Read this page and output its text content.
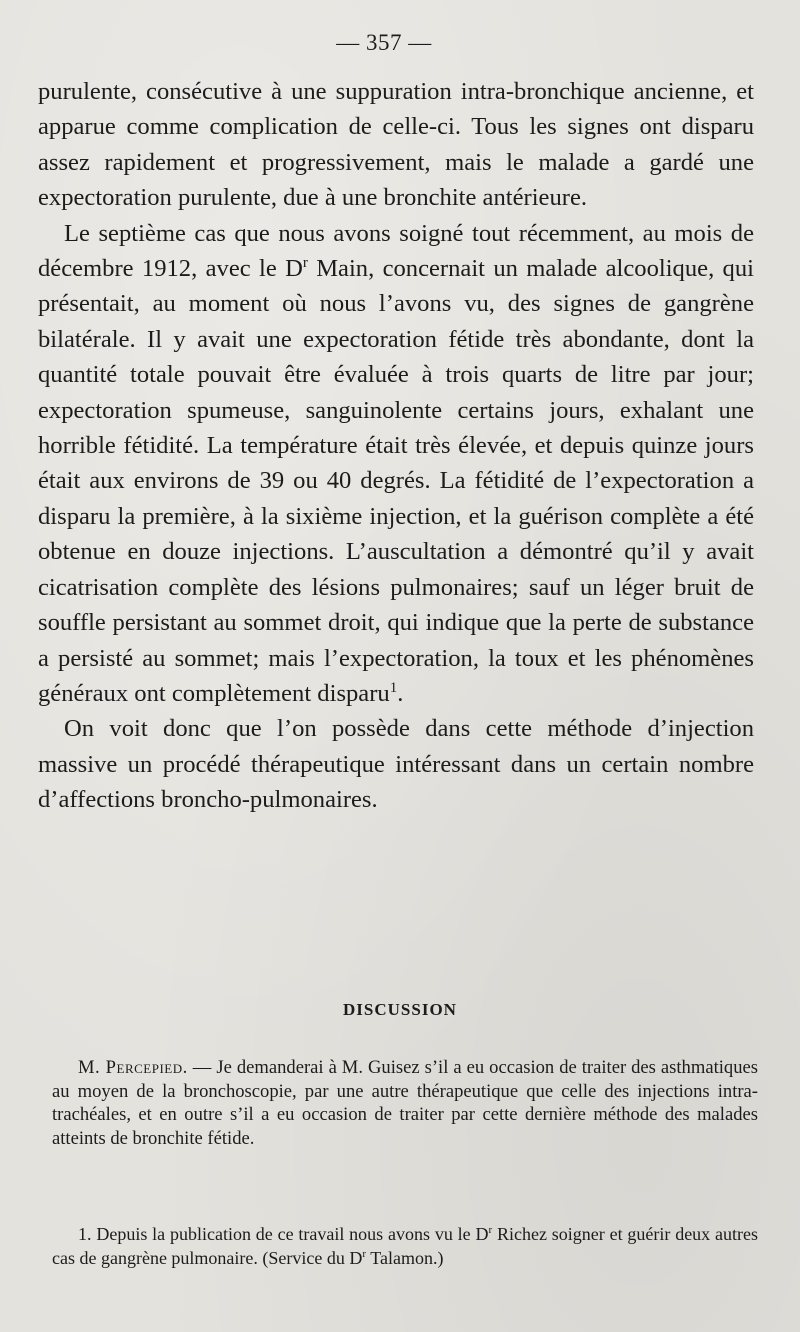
— 357 —

purulente, consécutive à une suppuration intra-bronchique ancienne, et apparue comme complication de celle-ci. Tous les signes ont disparu assez rapidement et progressivement, mais le malade a gardé une expectoration purulente, due à une bronchite antérieure.

Le septième cas que nous avons soigné tout récemment, au mois de décembre 1912, avec le $D^r$ Main, concernait un malade alcoolique, qui présentait, au moment où nous l’avons vu, des signes de gangrène bilatérale. Il y avait une expectoration fétide très abondante, dont la quantité totale pouvait être évaluée à trois quarts de litre par jour; expectoration spumeuse, sanguinolente certains jours, exhalant une horrible fétidité. La température était très élevée, et depuis quinze jours était aux environs de 39 ou 40 degrés. La fétidité de l’expectoration a disparu la première, à la sixième injection, et la guérison complète a été obtenue en douze injections. L’auscultation a démontré qu’il y avait cicatrisation complète des lésions pulmonaires; sauf un léger bruit de souffle persistant au sommet droit, qui indique que la perte de substance a persisté au sommet; mais l’expectoration, la toux et les phénomènes généraux ont complètement disparu$^1$.

On voit donc que l’on possède dans cette méthode d’injection massive un procédé thérapeutique intéressant dans un certain nombre d’affections broncho-pulmonaires.

DISCUSSION

M. Percepied. — Je demanderai à M. Guisez s’il a eu occasion de traiter des asthmatiques au moyen de la bronchoscopie, par une autre thérapeutique que celle des injections intra-trachéales, et en outre s’il a eu occasion de traiter par cette dernière méthode des malades atteints de bronchite fétide.

1. Depuis la publication de ce travail nous avons vu le D$^r$ Richez soigner et guérir deux autres cas de gangrène pulmonaire. (Service du D$^r$ Talamon.)
